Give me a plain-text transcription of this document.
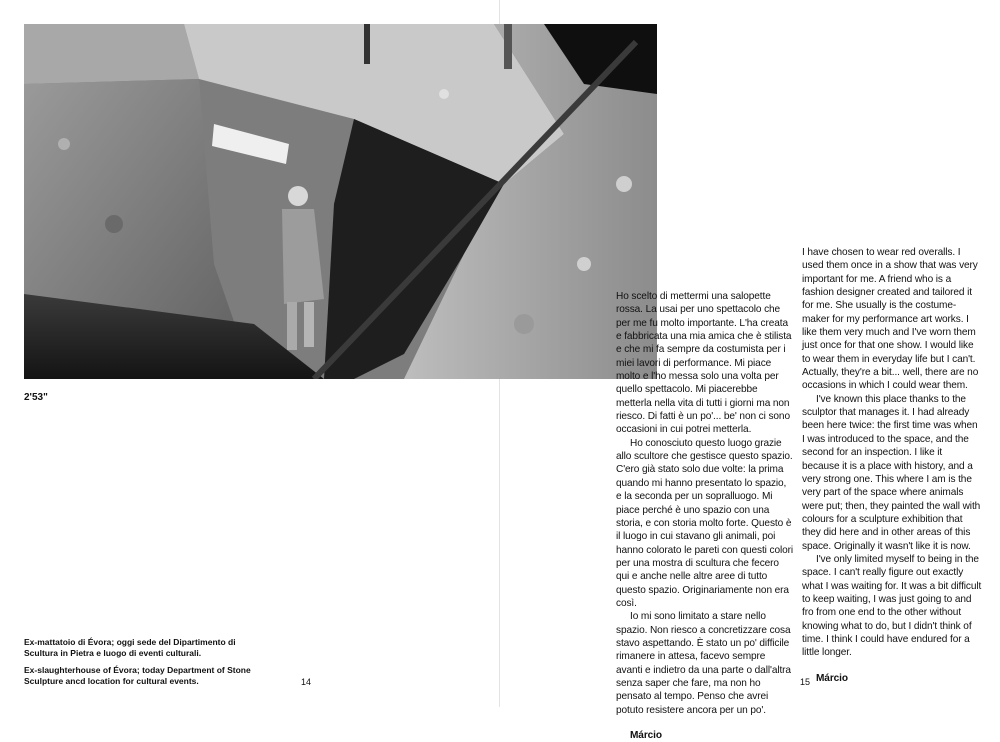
2'53"

Ex-mattatoio di Évora; oggi sede del Dipartimento di Scultura in Pietra e luogo di eventi culturali.

Ex-slaughterhouse of Évora; today Department of Stone Sculpture ancd location for cultural events.	14	15

Ho scelto di mettermi una salopette rossa. La usai per uno spettacolo che per me fu molto importante. L'ha creata e fabbricata una mia amica che è stilista e che mi fa sempre da costumista per i miei lavori di performance. Mi piace molto e l'ho messa solo una volta per quello spettacolo. Mi piacerebbe metterla nella vita di tutti i giorni ma non riesco. Di fatti è un po'... be' non ci sono occasioni in cui potrei metterla.

Ho conosciuto questo luogo grazie allo scultore che gestisce questo spazio. C'ero già stato solo due volte: la prima quando mi hanno presentato lo spazio, e la seconda per un sopralluogo. Mi piace perché è uno spazio con una storia, e con storia molto forte. Questo è il luogo in cui stavano gli animali, poi hanno colorato le pareti con questi colori per una mostra di scultura che fecero qui e anche nelle altre aree di tutto questo spazio. Originariamente non era così.

Io mi sono limitato a stare nello spazio. Non riesco a concretizzare cosa stavo aspettando. È stato un po' difficile rimanere in attesa, facevo sempre avanti e indietro da una parte o dall'altra senza saper che fare, ma non ho pensato al tempo. Penso che avrei potuto resistere ancora per un po'.

Márcio

I have chosen to wear red overalls. I used them once in a show that was very important for me. A friend who is a fashion designer created and tailored it for me. She usually is the costume-maker for my performance art works. I like them very much and I've worn them just once for that one show. I would like to wear them in everyday life but I can't. Actually, they're a bit... well, there are no occasions in which I could wear them.

I've known this place thanks to the sculptor that manages it. I had already been here twice: the first time was when I was introduced to the space, and the second for an inspection. I like it because it is a place with history, and a very strong one. This where I am is the very part of the space where animals were put; then, they painted the wall with colours for a sculpture exhibition that they did here and in other areas of this space. Originally it wasn't like it is now.

I've only limited myself to being in the space. I can't really figure out exactly what I was waiting for. It was a bit difficult to keep waiting, I was just going to and fro from one end to the other without knowing what to do, but I didn't think of time. I think I could have endured for a little longer.

Márcio
